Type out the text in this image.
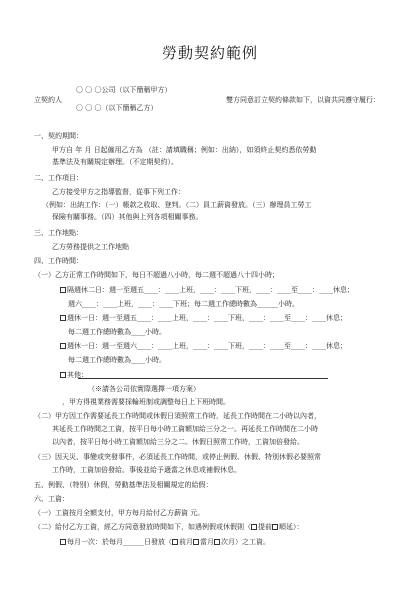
勞動契約範例
〇 〇 〇公司（以下簡稱甲方）
立契約人	雙方同意訂立契約條款如下，以資共同遵守履行：
〇 〇 〇（以下簡稱乙方）
一、契約期間：
甲方自 年 月 日起僱用乙方為 （註：請填職稱；例如：出納），如須終止契約悉依勞動
基準法及有關規定辦理。（不定期契約）。
二、工作項目：
乙方接受甲方之指導監督，從事下列工作：
（例如：出納工作：（一）帳款之收取、登判。（二）員工薪資發放。（三）辦理員工勞工
保險有關事務。（四）其他與上列各項相關事務。
三、工作地點：
乙方勞務提供之工作地點
四、工作時間：
（一）乙方正常工作時間如下，每日不超過八小時，每二週不超過八十四小時；
隔週休二日：週一至週五____：____上班，____：____下班，____：____至____：____休息；
週六____：____上班，____：____下班；每二週工作總時數為______小時。
週休一日：週一至週五____：____上班，____：____下班，____：____至____：____休息；
每二週工作總時數為____小時。
週休一日：週一至週六____：____上班，____：____下班，____：____至____：____休息；
每二週工作總時數為____小時。
其他：
（※請各公司依實際選擇一項方案）
，甲方得視業務需要採輪班制或調整每日上下班時間。
（二）甲方因工作需要延長工作時間或休假日須照常工作時，延長工作時間在二小時以內者，
其延長工作時間之工資，按平日每小時工資額加給三分之一。再延長工作時間在二小時
以內者，按平日每小時工資額加給三分之二。休假日照常工作時，工資加倍發給。
（三）因天災、事變或突發事件，必須延長工作時間，或停止例假、休假、特別休假必要照常
工作時，工資加倍發給。事後並給予適當之休息或補假休息。
五、例假、（特別）休假，勞動基準法及相關規定的給假：
六、工資：
（一）工資按月全額支付，甲方每月給付乙方薪資 元。
（二）給付乙方工資，經乙方同意發放時間如下，如遇例假或休假則（ 提前 順延）：
每月一次：於每月______日發放（ 前月 當月 次月）之工資。
